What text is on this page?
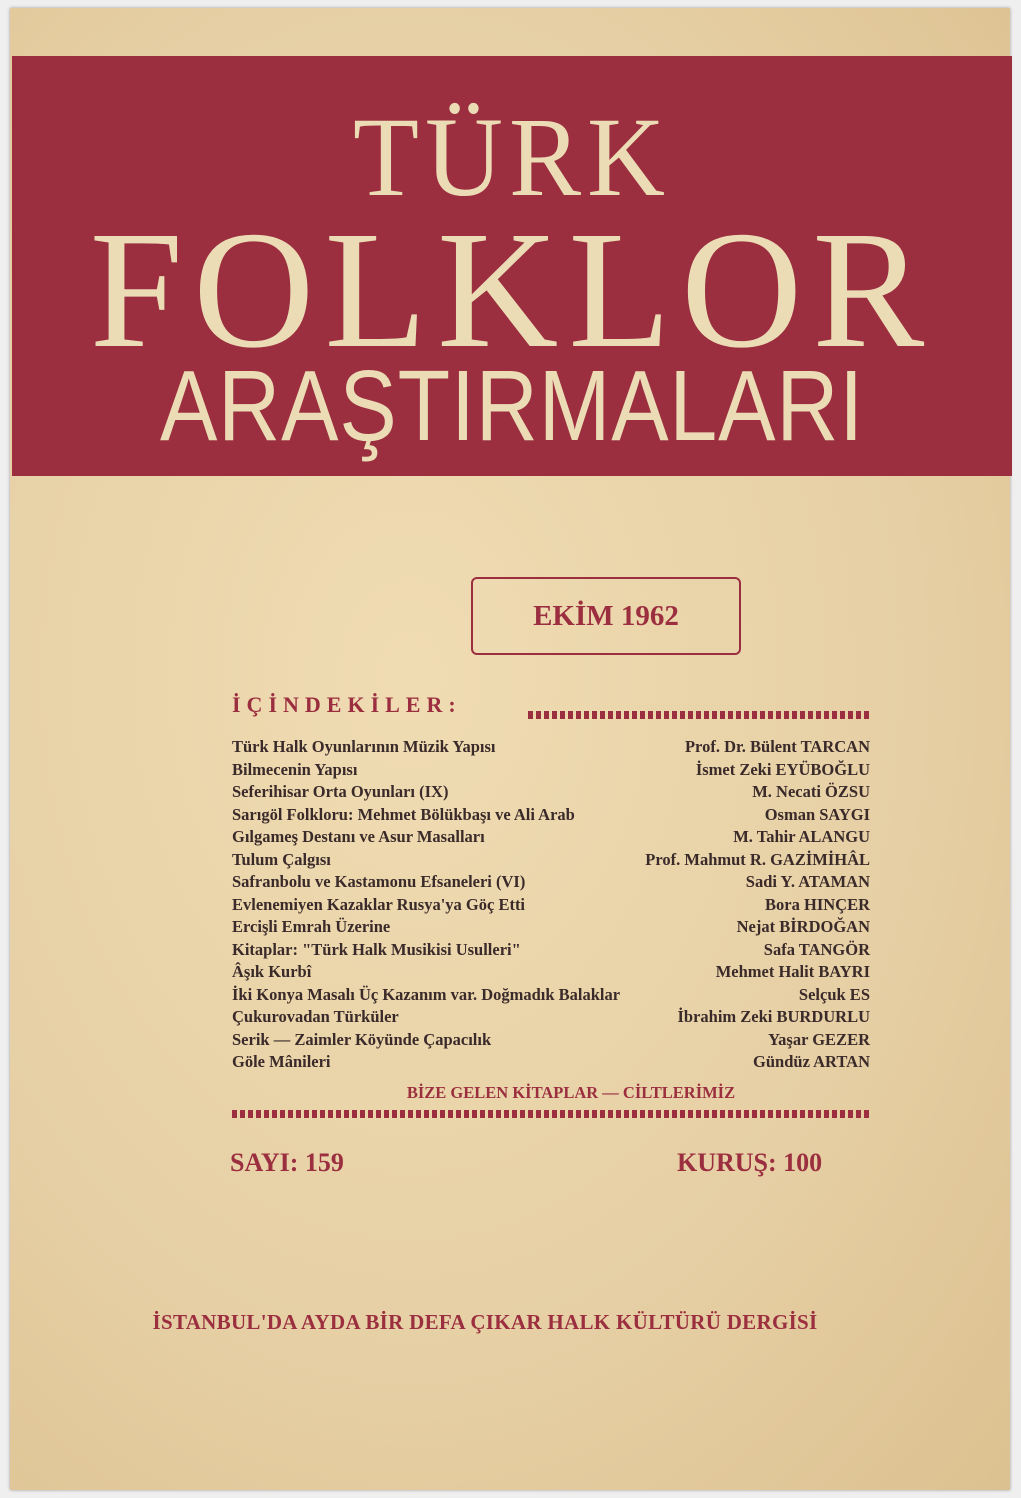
TÜRK
FOLKLOR
ARAŞTIRMALARI
EKİM 1962
İÇİNDEKİLER:
Türk Halk Oyunlarının Müzik Yapısı	Prof. Dr. Bülent TARCAN
Bilmecenin Yapısı	İsmet Zeki EYÜBOĞLU
Seferihisar Orta Oyunları (IX)	M. Necati ÖZSU
Sarıgöl Folkloru: Mehmet Bölükbaşı ve Ali Arab	Osman SAYGI
Gılgameş Destanı ve Asur Masalları	M. Tahir ALANGU
Tulum Çalgısı	Prof. Mahmut R. GAZİMİHÂL
Safranbolu ve Kastamonu Efsaneleri (VI)	Sadi Y. ATAMAN
Evlenemiyen Kazaklar Rusya'ya Göç Etti	Bora HINÇER
Ercişli Emrah Üzerine	Nejat BİRDOĞAN
Kitaplar: "Türk Halk Musikisi Usulleri"	Safa TANGÖR
Âşık Kurbî	Mehmet Halit BAYRI
İki Konya Masalı Üç Kazanım var. Doğmadık Balaklar	Selçuk ES
Çukurovadan Türküler	İbrahim Zeki BURDURLU
Serik — Zaimler Köyünde Çapacılık	Yaşar GEZER
Göle Mânileri	Gündüz ARTAN
BİZE GELEN KİTAPLAR — CİLTLERİMİZ
SAYI: 159	KURUŞ: 100
İSTANBUL'DA AYDA BİR DEFA ÇIKAR HALK KÜLTÜRÜ DERGİSİ
